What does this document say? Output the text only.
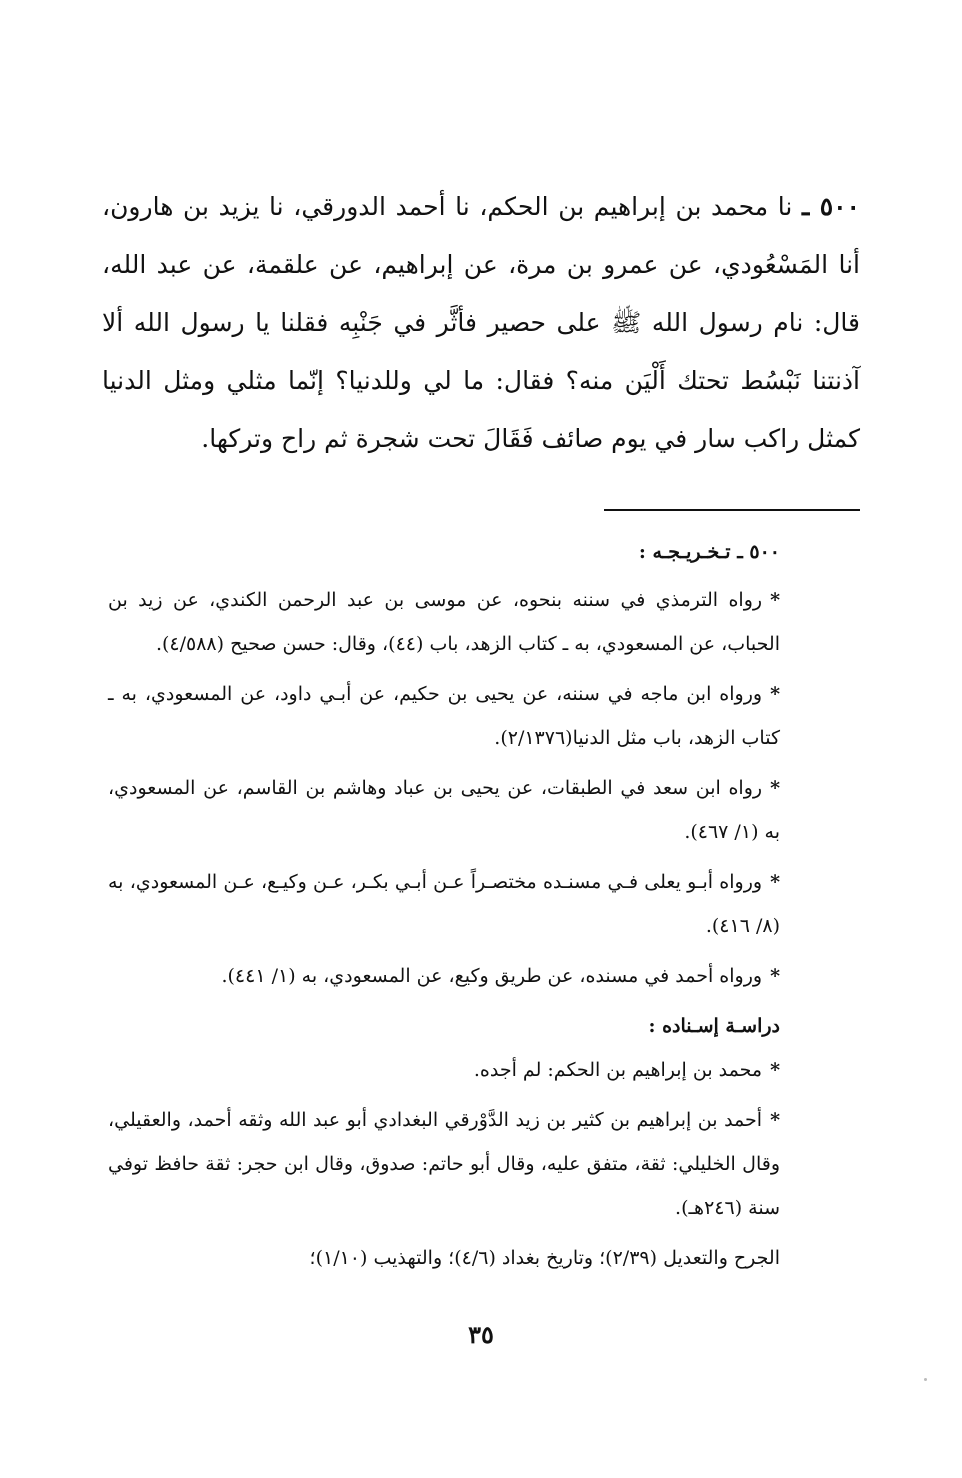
٥٠٠ ـ نا محمد بن إبراهيم بن الحكم، نا أحمد الدورقي، نا يزيد بن هارون، أنا المَسْعُودي، عن عمرو بن مرة، عن إبراهيم، عن علقمة، عن عبد الله، قال: نام رسول الله ﷺ على حصير فأثَّر في جَنْبِه فقلنا يا رسول الله ألا آذنتنا نَبْسُط تحتك أَلْيَن منه؟ فقال: ما لي وللدنيا؟ إنّما مثلي ومثل الدنيا كمثل راكب سار في يوم صائف فَقَالَ تحت شجرة ثم راح وتركها.
٥٠٠ ـ تـخـريـجـه :

*رواه الترمذي في سننه بنحوه، عن موسى بن عبد الرحمن الكندي، عن زيد بن الحباب، عن المسعودي، به ـ كتاب الزهد، باب (٤٤)، وقال: حسن صحيح (٤/٥٨٨).

*ورواه ابن ماجه في سننه، عن يحيى بن حكيم، عن أبـي داود، عن المسعودي، به ـ كتاب الزهد، باب مثل الدنيا(٢/١٣٧٦).

*رواه ابن سعد في الطبقات، عن يحيى بن عباد وهاشم بن القاسم، عن المسعودي، به (١/ ٤٦٧).

*ورواه أبـو يعلى فـي مسنـده مختصـراً عـن أبـي بكـر، عـن وكيـع، عـن المسعودي، به (٨/ ٤١٦).

*ورواه أحمد في مسنده، عن طريق وكيع، عن المسعودي، به (١/ ٤٤١).

دراسـة إسـناده :

*محمد بن إبراهيم بن الحكم: لم أجده.

*أحمد بن إبراهيم بن كثير بن زيد الدَّوْرقي البغدادي أبو عبد الله وثقه أحمد، والعقيلي، وقال الخليلي: ثقة، متفق عليه، وقال أبو حاتم: صدوق، وقال ابن حجر: ثقة حافظ توفي سنة (٢٤٦هـ).

الجرح والتعديل (٢/٣٩)؛ وتاريخ بغداد (٤/٦)؛ والتهذيب (١/١٠)؛

٣٥
